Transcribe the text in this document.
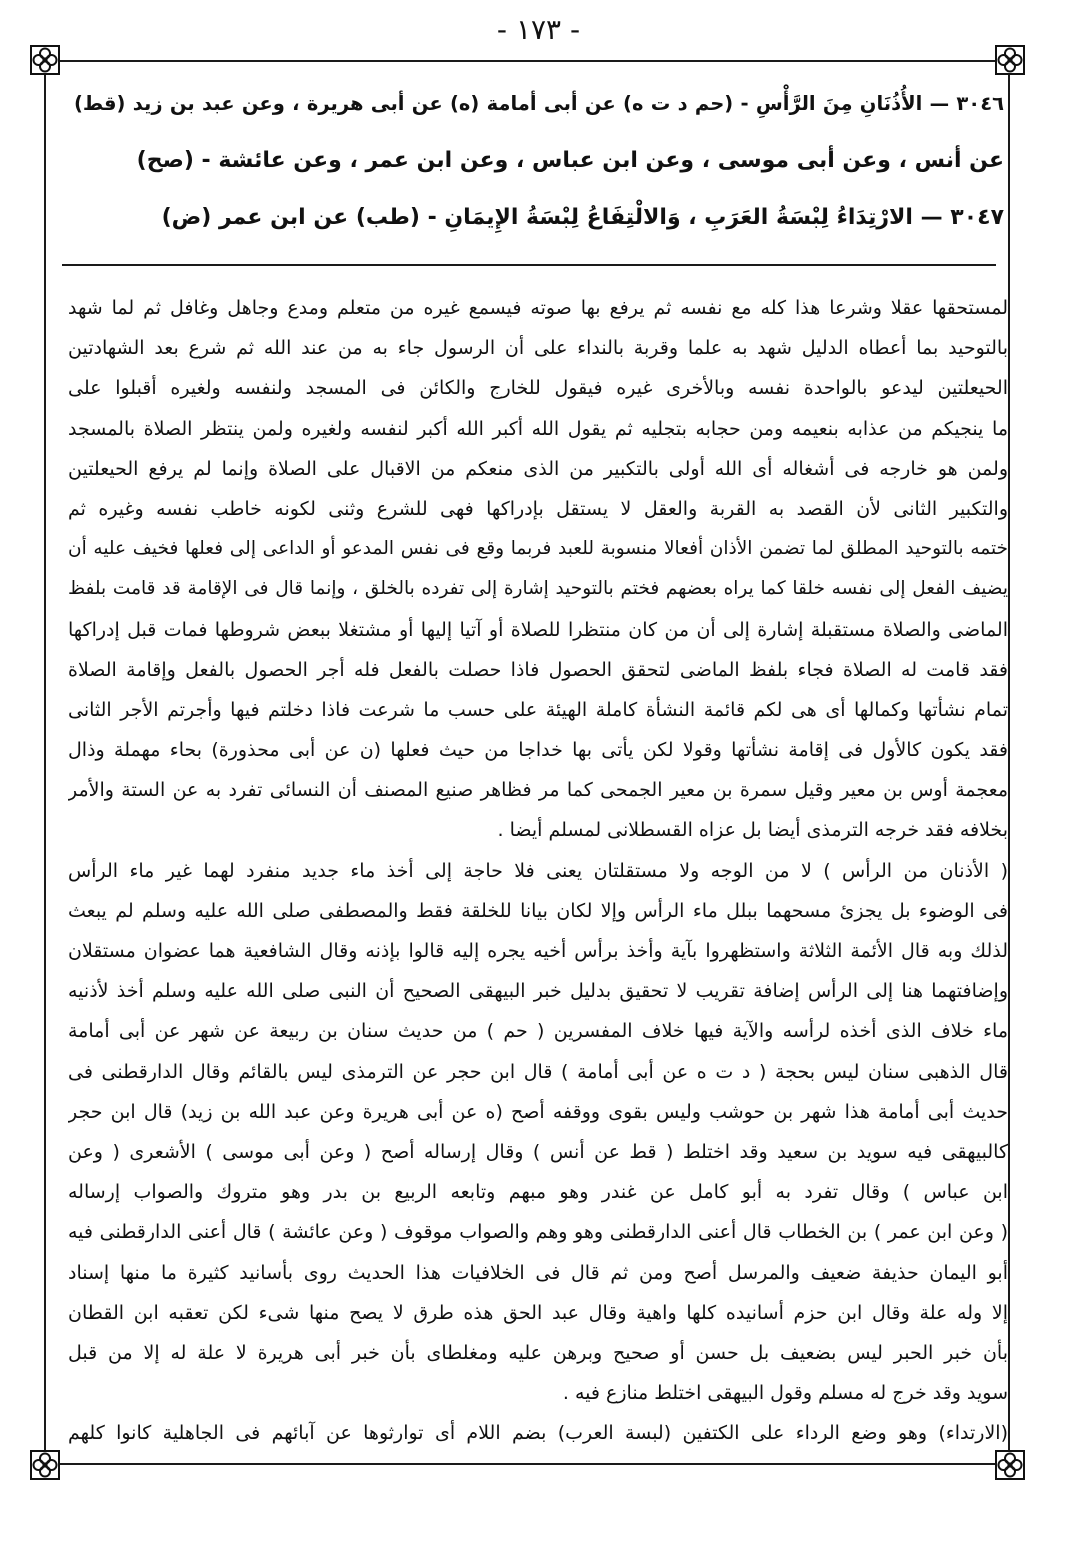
- ١٧٣ -
٣٠٤٦ — الأُذُنَانِ مِنَ الرَّأْسِ - (حم د ت ه) عن أبى أمامة (ه) عن أبى هريرة ، وعن عبد بن زيد (قط)
عن أنس ، وعن أبى موسى ، وعن ابن عباس ، وعن ابن عمر ، وعن عائشة - (صح)
٣٠٤٧ — الارْتِدَاءُ لِبْسَةُ العَرَبِ ، وَالالْتِفَاعُ لِبْسَةُ الإِيمَانِ - (طب) عن ابن عمر (ض)
لمستحقها عقلا وشرعا هذا كله مع نفسه ثم يرفع بها صوته فيسمع غيره من متعلم ومدع وجاهل وغافل ثم لما شهد
بالتوحيد بما أعطاه الدليل شهد به علما وقربة بالنداء على أن الرسول جاء به من عند الله ثم شرع بعد الشهادتين
الحيعلتين ليدعو بالواحدة نفسه وبالأخرى غيره فيقول للخارج والكائن فى المسجد ولنفسه ولغيره أقبلوا على
ما ينجيكم من عذابه بنعيمه ومن حجابه بتجليه ثم يقول الله أكبر الله أكبر لنفسه ولغيره ولمن ينتظر الصلاة بالمسجد
ولمن هو خارجه فى أشغاله أى الله أولى بالتكبير من الذى منعكم من الاقبال على الصلاة وإنما لم يرفع الحيعلتين
والتكبير الثانى لأن القصد به القربة والعقل لا يستقل بإدراكها فهى للشرع وثنى لكونه خاطب نفسه وغيره ثم
ختمه بالتوحيد المطلق لما تضمن الأذان أفعالا منسوبة للعبد فربما وقع فى نفس المدعو أو الداعى إلى فعلها فخيف عليه أن
يضيف الفعل إلى نفسه خلقا كما يراه بعضهم فختم بالتوحيد إشارة إلى تفرده بالخلق ، وإنما قال فى الإقامة قد قامت بلفظ
الماضى والصلاة مستقبلة إشارة إلى أن من كان منتظرا للصلاة أو آتيا إليها أو مشتغلا ببعض شروطها فمات قبل إدراكها
فقد قامت له الصلاة فجاء بلفظ الماضى لتحقق الحصول فاذا حصلت بالفعل فله أجر الحصول بالفعل وإقامة الصلاة
تمام نشأتها وكمالها أى هى لكم قائمة النشأة كاملة الهيئة على حسب ما شرعت فاذا دخلتم فيها وأجرتم الأجر الثانى
فقد يكون كالأول فى إقامة نشأتها وقولا لكن يأتى بها خداجا من حيث فعلها (ن عن أبى محذورة) بحاء مهملة وذال
معجمة أوس بن معير وقيل سمرة بن معير الجمحى كما مر فظاهر صنيع المصنف أن النسائى تفرد به عن الستة والأمر
بخلافه فقد خرجه الترمذى أيضا بل عزاه القسطلانى لمسلم أيضا .
( الأذنان من الرأس ) لا من الوجه ولا مستقلتان يعنى فلا حاجة إلى أخذ ماء جديد منفرد لهما غير ماء الرأس
فى الوضوء بل يجزئ مسحهما ببلل ماء الرأس وإلا لكان بيانا للخلقة فقط والمصطفى صلى الله عليه وسلم لم يبعث
لذلك وبه قال الأئمة الثلاثة واستظهروا بآية وأخذ برأس أخيه يجره إليه قالوا بإذنه وقال الشافعية هما عضوان مستقلان
وإضافتهما هنا إلى الرأس إضافة تقريب لا تحقيق بدليل خبر البيهقى الصحيح أن النبى صلى الله عليه وسلم أخذ لأذنيه
ماء خلاف الذى أخذه لرأسه والآية فيها خلاف المفسرين ( حم ) من حديث سنان بن ربيعة عن شهر عن أبى أمامة
قال الذهبى سنان ليس بحجة ( د ت ه عن أبى أمامة ) قال ابن حجر عن الترمذى ليس بالقائم وقال الدارقطنى فى
حديث أبى أمامة هذا شهر بن حوشب وليس بقوى ووقفه أصح (ه عن أبى هريرة وعن عبد الله بن زيد) قال ابن حجر
كالبيهقى فيه سويد بن سعيد وقد اختلط ( قط عن أنس ) وقال إرساله أصح ( وعن أبى موسى ) الأشعرى ( وعن
ابن عباس ) وقال تفرد به أبو كامل عن غندر وهو مبهم وتابعه الربيع بن بدر وهو متروك والصواب إرساله
( وعن ابن عمر ) بن الخطاب قال أعنى الدارقطنى وهو وهم والصواب موقوف ( وعن عائشة ) قال أعنى الدارقطنى فيه
أبو اليمان حذيفة ضعيف والمرسل أصح ومن ثم قال فى الخلافيات هذا الحديث روى بأسانيد كثيرة ما منها إسناد
إلا وله علة وقال ابن حزم أسانيده كلها واهية وقال عبد الحق هذه طرق لا يصح منها شىء لكن تعقبه ابن القطان
بأن خبر الحبر ليس بضعيف بل حسن أو صحيح وبرهن عليه ومغلطاى بأن خبر أبى هريرة لا علة له إلا من قبل
سويد وقد خرج له مسلم وقول البيهقى اختلط منازع فيه .
(الارتداء) وهو وضع الرداء على الكتفين (لبسة العرب) بضم اللام أى توارثوها عن آبائهم فى الجاهلية كانوا كلهم
